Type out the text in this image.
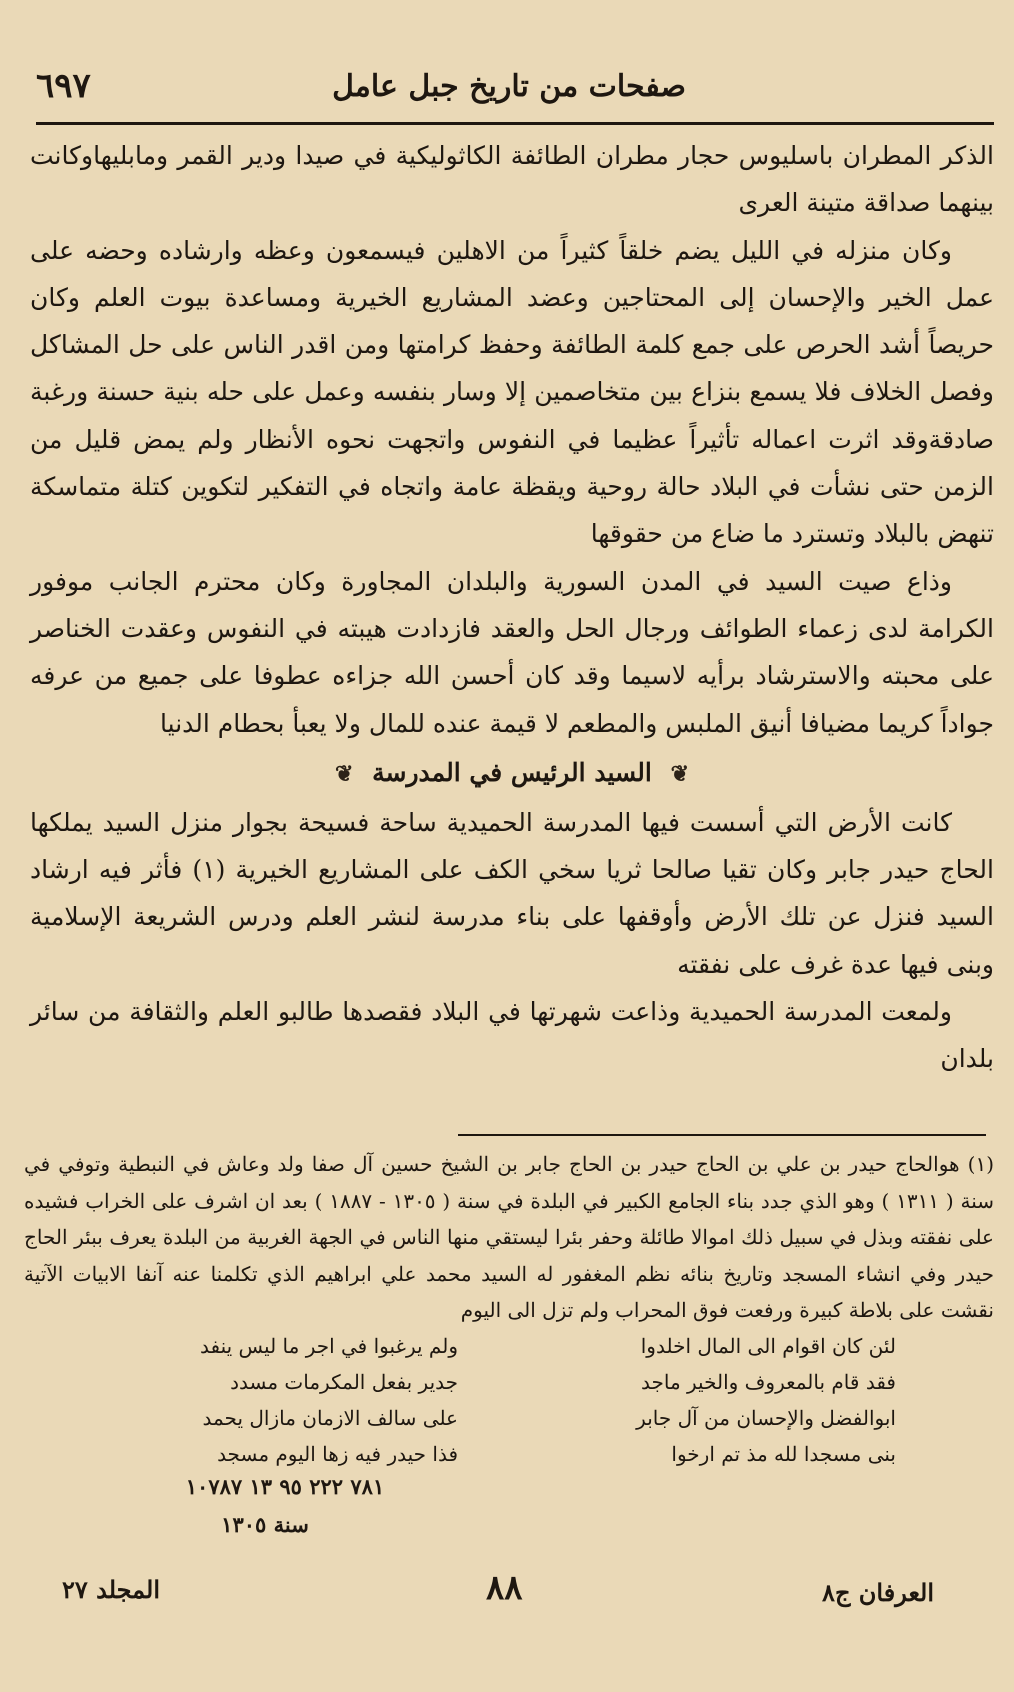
٦٩٧	صفحات من تاريخ جبل عامل

الذكر المطران باسليوس حجار مطران الطائفة الكاثوليكية في صيدا ودير القمر ومابليهاوكانت بينهما صداقة متينة العرى

وكان منزله في الليل يضم خلقاً كثيراً من الاهلين فيسمعون وعظه وارشاده وحضه على عمل الخير والإحسان إلى المحتاجين وعضد المشاريع الخيرية ومساعدة بيوت العلم وكان حريصاً أشد الحرص على جمع كلمة الطائفة وحفظ كرامتها ومن اقدر الناس على حل المشاكل وفصل الخلاف فلا يسمع بنزاع بين متخاصمين إلا وسار بنفسه وعمل على حله بنية حسنة ورغبة صادقةوقد اثرت اعماله تأثيراً عظيما في النفوس واتجهت نحوه الأنظار ولم يمض قليل من الزمن حتى نشأت في البلاد حالة روحية ويقظة عامة واتجاه في التفكير لتكوين كتلة متماسكة تنهض بالبلاد وتسترد ما ضاع من حقوقها

وذاع صيت السيد في المدن السورية والبلدان المجاورة وكان محترم الجانب موفور الكرامة لدى زعماء الطوائف ورجال الحل والعقد فازدادت هيبته في النفوس وعقدت الخناصر على محبته والاسترشاد برأيه لاسيما وقد كان أحسن الله جزاءه عطوفا على جميع من عرفه جواداً كريما مضيافا أنيق الملبس والمطعم لا قيمة عنده للمال ولا يعبأ بحطام الدنيا

❦ السيد الرئيس في المدرسة ❦

كانت الأرض التي أسست فيها المدرسة الحميدية ساحة فسيحة بجوار منزل السيد يملكها الحاج حيدر جابر وكان تقيا صالحا ثريا سخي الكف على المشاريع الخيرية (١) فأثر فيه ارشاد السيد فنزل عن تلك الأرض وأوقفها على بناء مدرسة لنشر العلم ودرس الشريعة الإسلامية وبنى فيها عدة غرف على نفقته

ولمعت المدرسة الحميدية وذاعت شهرتها في البلاد فقصدها طالبو العلم والثقافة من سائر بلدان

(١) هوالحاج حيدر بن علي بن الحاج حيدر بن الحاج جابر بن الشيخ حسين آل صفا ولد وعاش في النبطية وتوفي في سنة ( ١٣١١ ) وهو الذي جدد بناء الجامع الكبير في البلدة في سنة ( ١٣٠٥ - ١٨٨٧ ) بعد ان اشرف على الخراب فشيده على نفقته وبذل في سبيل ذلك اموالا طائلة وحفر بئرا ليستقي منها الناس في الجهة الغربية من البلدة يعرف ببئر الحاج حيدر وفي انشاء المسجد وتاريخ بنائه نظم المغفور له السيد محمد علي ابراهيم الذي تكلمنا عنه آنفا الابيات الآتية نقشت على بلاطة كبيرة ورفعت فوق المحراب ولم تزل الى اليوم

لئن كان اقوام الى المال اخلدوا
ولم يرغبوا في اجر ما ليس ينفد
فقد قام بالمعروف والخير ماجد
جدير بفعل المكرمات مسدد
ابوالفضل والإحسان من آل جابر
على سالف الازمان مازال يحمد
بنى مسجدا لله مذ تم ارخوا
فذا حيدر فيه زها اليوم مسجد
٧٨١ ٢٢٢ ٩٥ ١٣ ١٠٧٨٧
سنة ١٣٠٥
المجلد ٢٧	٨٨	العرفان ج٨
